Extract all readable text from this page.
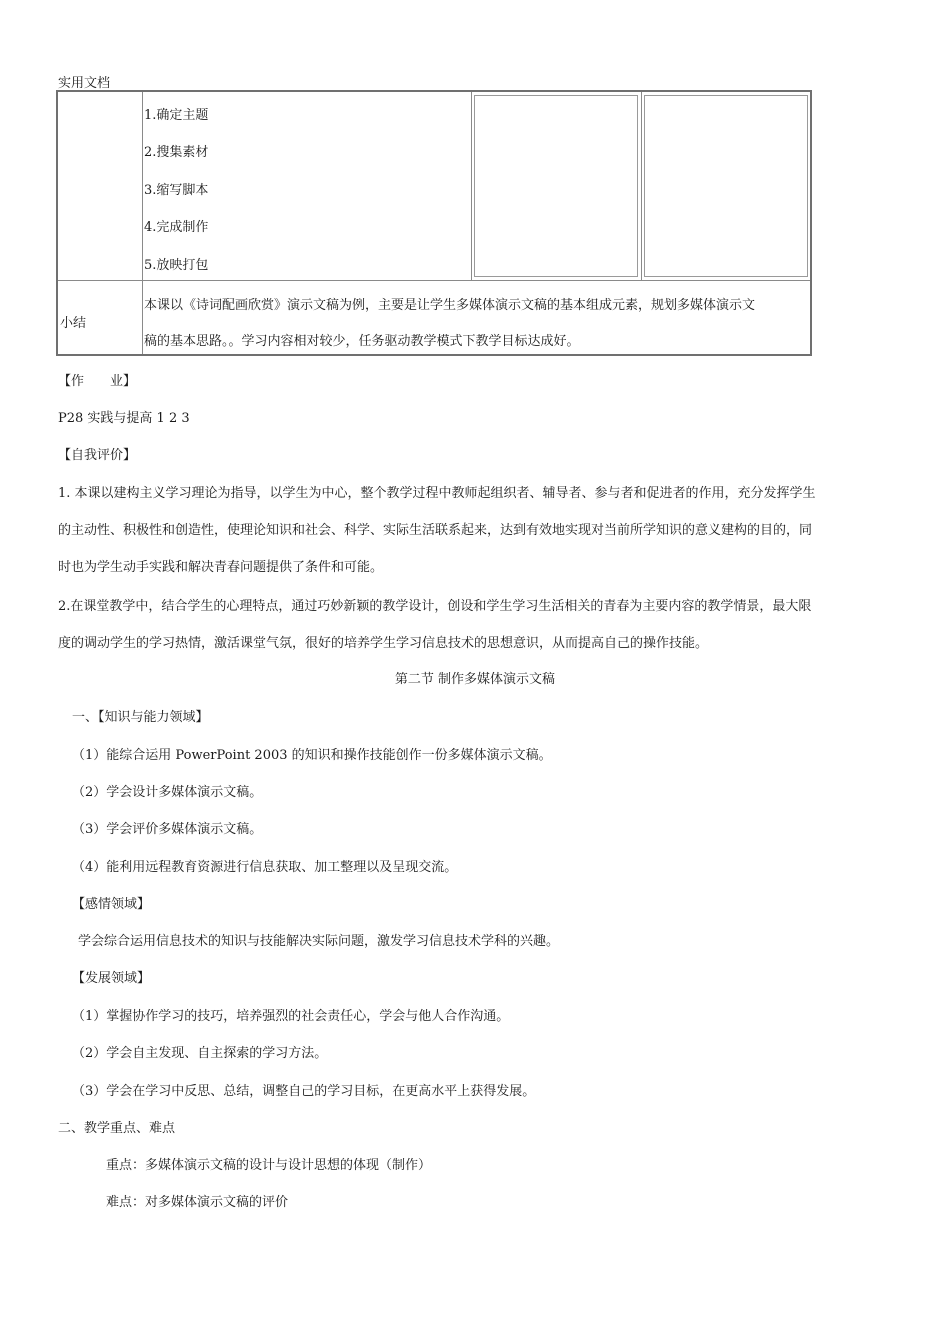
实用文档
1.确定主题
2.搜集素材
3.缩写脚本
4.完成制作
5.放映打包
小结
本课以《诗词配画欣赏》演示文稿为例，主要是让学生多媒体演示文稿的基本组成元素，规划多媒体演示文
稿的基本思路。。学习内容相对较少，任务驱动教学模式下教学目标达成好。
【作　　业】
P28 实践与提高 1 2 3
【自我评价】
1. 本课以建构主义学习理论为指导，以学生为中心，整个教学过程中教师起组织者、辅导者、参与者和促进者的作用，充分发挥学生
的主动性、积极性和创造性，使理论知识和社会、科学、实际生活联系起来，达到有效地实现对当前所学知识的意义建构的目的，同
时也为学生动手实践和解决青春问题提供了条件和可能。
2.在课堂教学中，结合学生的心理特点，通过巧妙新颖的教学设计，创设和学生学习生活相关的青春为主要内容的教学情景，最大限
度的调动学生的学习热情，激活课堂气氛，很好的培养学生学习信息技术的思想意识，从而提高自己的操作技能。
第二节 制作多媒体演示文稿
一、【知识与能力领域】
（1）能综合运用 PowerPoint 2003 的知识和操作技能创作一份多媒体演示文稿。
（2）学会设计多媒体演示文稿。
（3）学会评价多媒体演示文稿。
（4）能利用远程教育资源进行信息获取、加工整理以及呈现交流。
【感情领域】
学会综合运用信息技术的知识与技能解决实际问题，激发学习信息技术学科的兴趣。
【发展领域】
（1）掌握协作学习的技巧，培养强烈的社会责任心，学会与他人合作沟通。
（2）学会自主发现、自主探索的学习方法。
（3）学会在学习中反思、总结，调整自己的学习目标，在更高水平上获得发展。
二、教学重点、难点
重点：多媒体演示文稿的设计与设计思想的体现（制作）
难点：对多媒体演示文稿的评价
